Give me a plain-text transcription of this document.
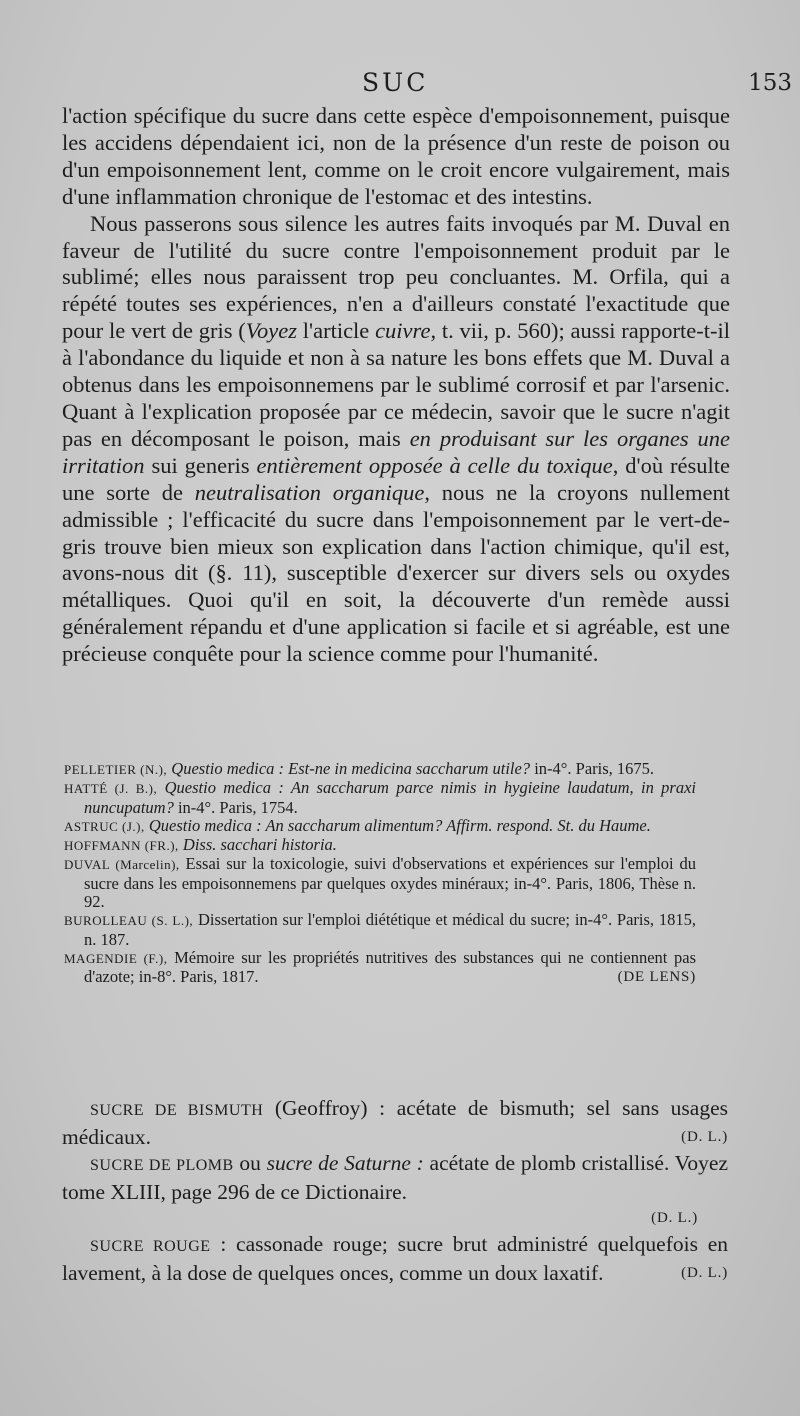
SUC	153

l'action spécifique du sucre dans cette espèce d'empoisonnement, puisque les accidens dépendaient ici, non de la présence d'un reste de poison ou d'un empoisonnement lent, comme on le croit encore vulgairement, mais d'une inflammation chronique de l'estomac et des intestins.

Nous passerons sous silence les autres faits invoqués par M. Duval en faveur de l'utilité du sucre contre l'empoisonnement produit par le sublimé; elles nous paraissent trop peu concluantes. M. Orfila, qui a répété toutes ses expériences, n'en a d'ailleurs constaté l'exactitude que pour le vert de gris (Voyez l'article cuivre, t. vii, p. 560); aussi rapporte-t-il à l'abondance du liquide et non à sa nature les bons effets que M. Duval a obtenus dans les empoisonnemens par le sublimé corrosif et par l'arsenic. Quant à l'explication proposée par ce médecin, savoir que le sucre n'agit pas en décomposant le poison, mais en produisant sur les organes une irritation sui generis entièrement opposée à celle du toxique, d'où résulte une sorte de neutralisation organique, nous ne la croyons nullement admissible ; l'efficacité du sucre dans l'empoisonnement par le vert-de-gris trouve bien mieux son explication dans l'action chimique, qu'il est, avons-nous dit (§. 11), susceptible d'exercer sur divers sels ou oxydes métalliques. Quoi qu'il en soit, la découverte d'un remède aussi généralement répandu et d'une application si facile et si agréable, est une précieuse conquête pour la science comme pour l'humanité.

PELLETIER (N.), Questio medica : Est-ne in medicina saccharum utile? in-4°. Paris, 1675.

HATTÉ (J. B.), Questio medica : An saccharum parce nimis in hygieine laudatum, in praxi nuncupatum? in-4°. Paris, 1754.

ASTRUC (J.), Questio medica : An saccharum alimentum? Affirm. respond. St. du Haume.

HOFFMANN (FR.), Diss. sacchari historia.

DUVAL (Marcelin), Essai sur la toxicologie, suivi d'observations et expériences sur l'emploi du sucre dans les empoisonnemens par quelques oxydes minéraux; in-4°. Paris, 1806, Thèse n. 92.

BUROLLEAU (S. L.), Dissertation sur l'emploi diététique et médical du sucre; in-4°. Paris, 1815, n. 187.

MAGENDIE (F.), Mémoire sur les propriétés nutritives des substances qui ne contiennent pas d'azote; in-8°. Paris, 1817.	(DE LENS)

SUCRE DE BISMUTH (Geoffroy) : acétate de bismuth; sel sans usages médicaux.	(D. L.)

SUCRE DE PLOMB ou sucre de Saturne : acétate de plomb cristallisé. Voyez tome XLIII, page 296 de ce Dictionaire.

(D. L.)

SUCRE ROUGE : cassonade rouge; sucre brut administré quelquefois en lavement, à la dose de quelques onces, comme un doux laxatif.	(D. L.)
